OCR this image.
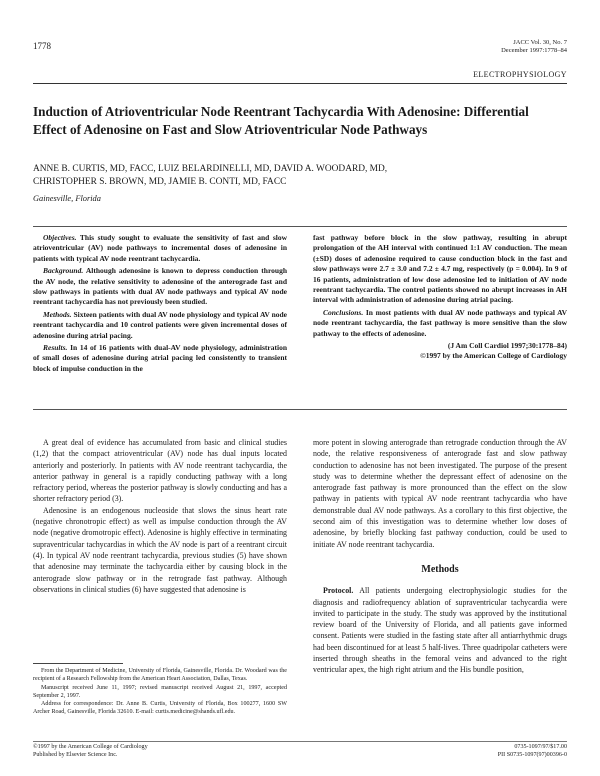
1778	JACC Vol. 30, No. 7
December 1997:1778–84
ELECTROPHYSIOLOGY
Induction of Atrioventricular Node Reentrant Tachycardia With Adenosine: Differential Effect of Adenosine on Fast and Slow Atrioventricular Node Pathways
ANNE B. CURTIS, MD, FACC, LUIZ BELARDINELLI, MD, DAVID A. WOODARD, MD,
CHRISTOPHER S. BROWN, MD, JAMIE B. CONTI, MD, FACC
Gainesville, Florida

Objectives. This study sought to evaluate the sensitivity of fast and slow atrioventricular (AV) node pathways to incremental doses of adenosine in patients with typical AV node reentrant tachycardia.

Background. Although adenosine is known to depress conduction through the AV node, the relative sensitivity to adenosine of the anterograde fast and slow pathways in patients with dual AV node pathways and typical AV node reentrant tachycardia has not previously been studied.

Methods. Sixteen patients with dual AV node physiology and typical AV node reentrant tachycardia and 10 control patients were given incremental doses of adenosine during atrial pacing.

Results. In 14 of 16 patients with dual-AV node physiology, administration of small doses of adenosine during atrial pacing led consistently to transient block of impulse conduction in the

fast pathway before block in the slow pathway, resulting in abrupt prolongation of the AH interval with continued 1:1 AV conduction. The mean (±SD) doses of adenosine required to cause conduction block in the fast and slow pathways were 2.7 ± 3.0 and 7.2 ± 4.7 mg, respectively (p = 0.004). In 9 of 16 patients, administration of low dose adenosine led to initiation of AV node reentrant tachycardia. The control patients showed no abrupt increases in AH interval with administration of adenosine during atrial pacing.

Conclusions. In most patients with dual AV node pathways and typical AV node reentrant tachycardia, the fast pathway is more sensitive than the slow pathway to the effects of adenosine.

(J Am Coll Cardiol 1997;30:1778–84)
©1997 by the American College of Cardiology

A great deal of evidence has accumulated from basic and clinical studies (1,2) that the compact atrioventricular (AV) node has dual inputs located anteriorly and posteriorly. In patients with AV node reentrant tachycardia, the anterior pathway in general is a rapidly conducting pathway with a long refractory period, whereas the posterior pathway is slowly conducting and has a shorter refractory period (3).

Adenosine is an endogenous nucleoside that slows the sinus heart rate (negative chronotropic effect) as well as impulse conduction through the AV node (negative dromotropic effect). Adenosine is highly effective in terminating supraventricular tachycardias in which the AV node is part of a reentrant circuit (4). In typical AV node reentrant tachycardia, previous studies (5) have shown that adenosine may terminate the tachycardia either by causing block in the anterograde slow pathway or in the retrograde fast pathway. Although observations in clinical studies (6) have suggested that adenosine is

more potent in slowing anterograde than retrograde conduction through the AV node, the relative responsiveness of anterograde fast and slow pathway conduction to adenosine has not been investigated. The purpose of the present study was to determine whether the depressant effect of adenosine on the anterograde fast pathway is more pronounced than the effect on the slow pathway in patients with typical AV node reentrant tachycardia who have demonstrable dual AV node pathways. As a corollary to this first objective, the second aim of this investigation was to determine whether low doses of adenosine, by briefly blocking fast pathway conduction, could be used to initiate AV node reentrant tachycardia.

Methods

Protocol. All patients undergoing electrophysiologic studies for the diagnosis and radiofrequency ablation of supraventricular tachycardia were invited to participate in the study. The study was approved by the institutional review board of the University of Florida, and all patients gave informed consent. Patients were studied in the fasting state after all antiarrhythmic drugs had been discontinued for at least 5 half-lives. Three quadripolar catheters were inserted through sheaths in the femoral veins and advanced to the right ventricular apex, the high right atrium and the His bundle position,

From the Department of Medicine, University of Florida, Gainesville, Florida. Dr. Woodard was the recipient of a Research Fellowship from the American Heart Association, Dallas, Texas.

Manuscript received June 11, 1997; revised manuscript received August 21, 1997, accepted September 2, 1997.

Address for correspondence: Dr. Anne B. Curtis, University of Florida, Box 100277, 1600 SW Archer Road, Gainesville, Florida 32610. E-mail: curtis.medicine@shands.ufl.edu.

©1997 by the American College of Cardiology
Published by Elsevier Science Inc.
0735-1097/97/$17.00
PII S0735-1097(97)00396-0
